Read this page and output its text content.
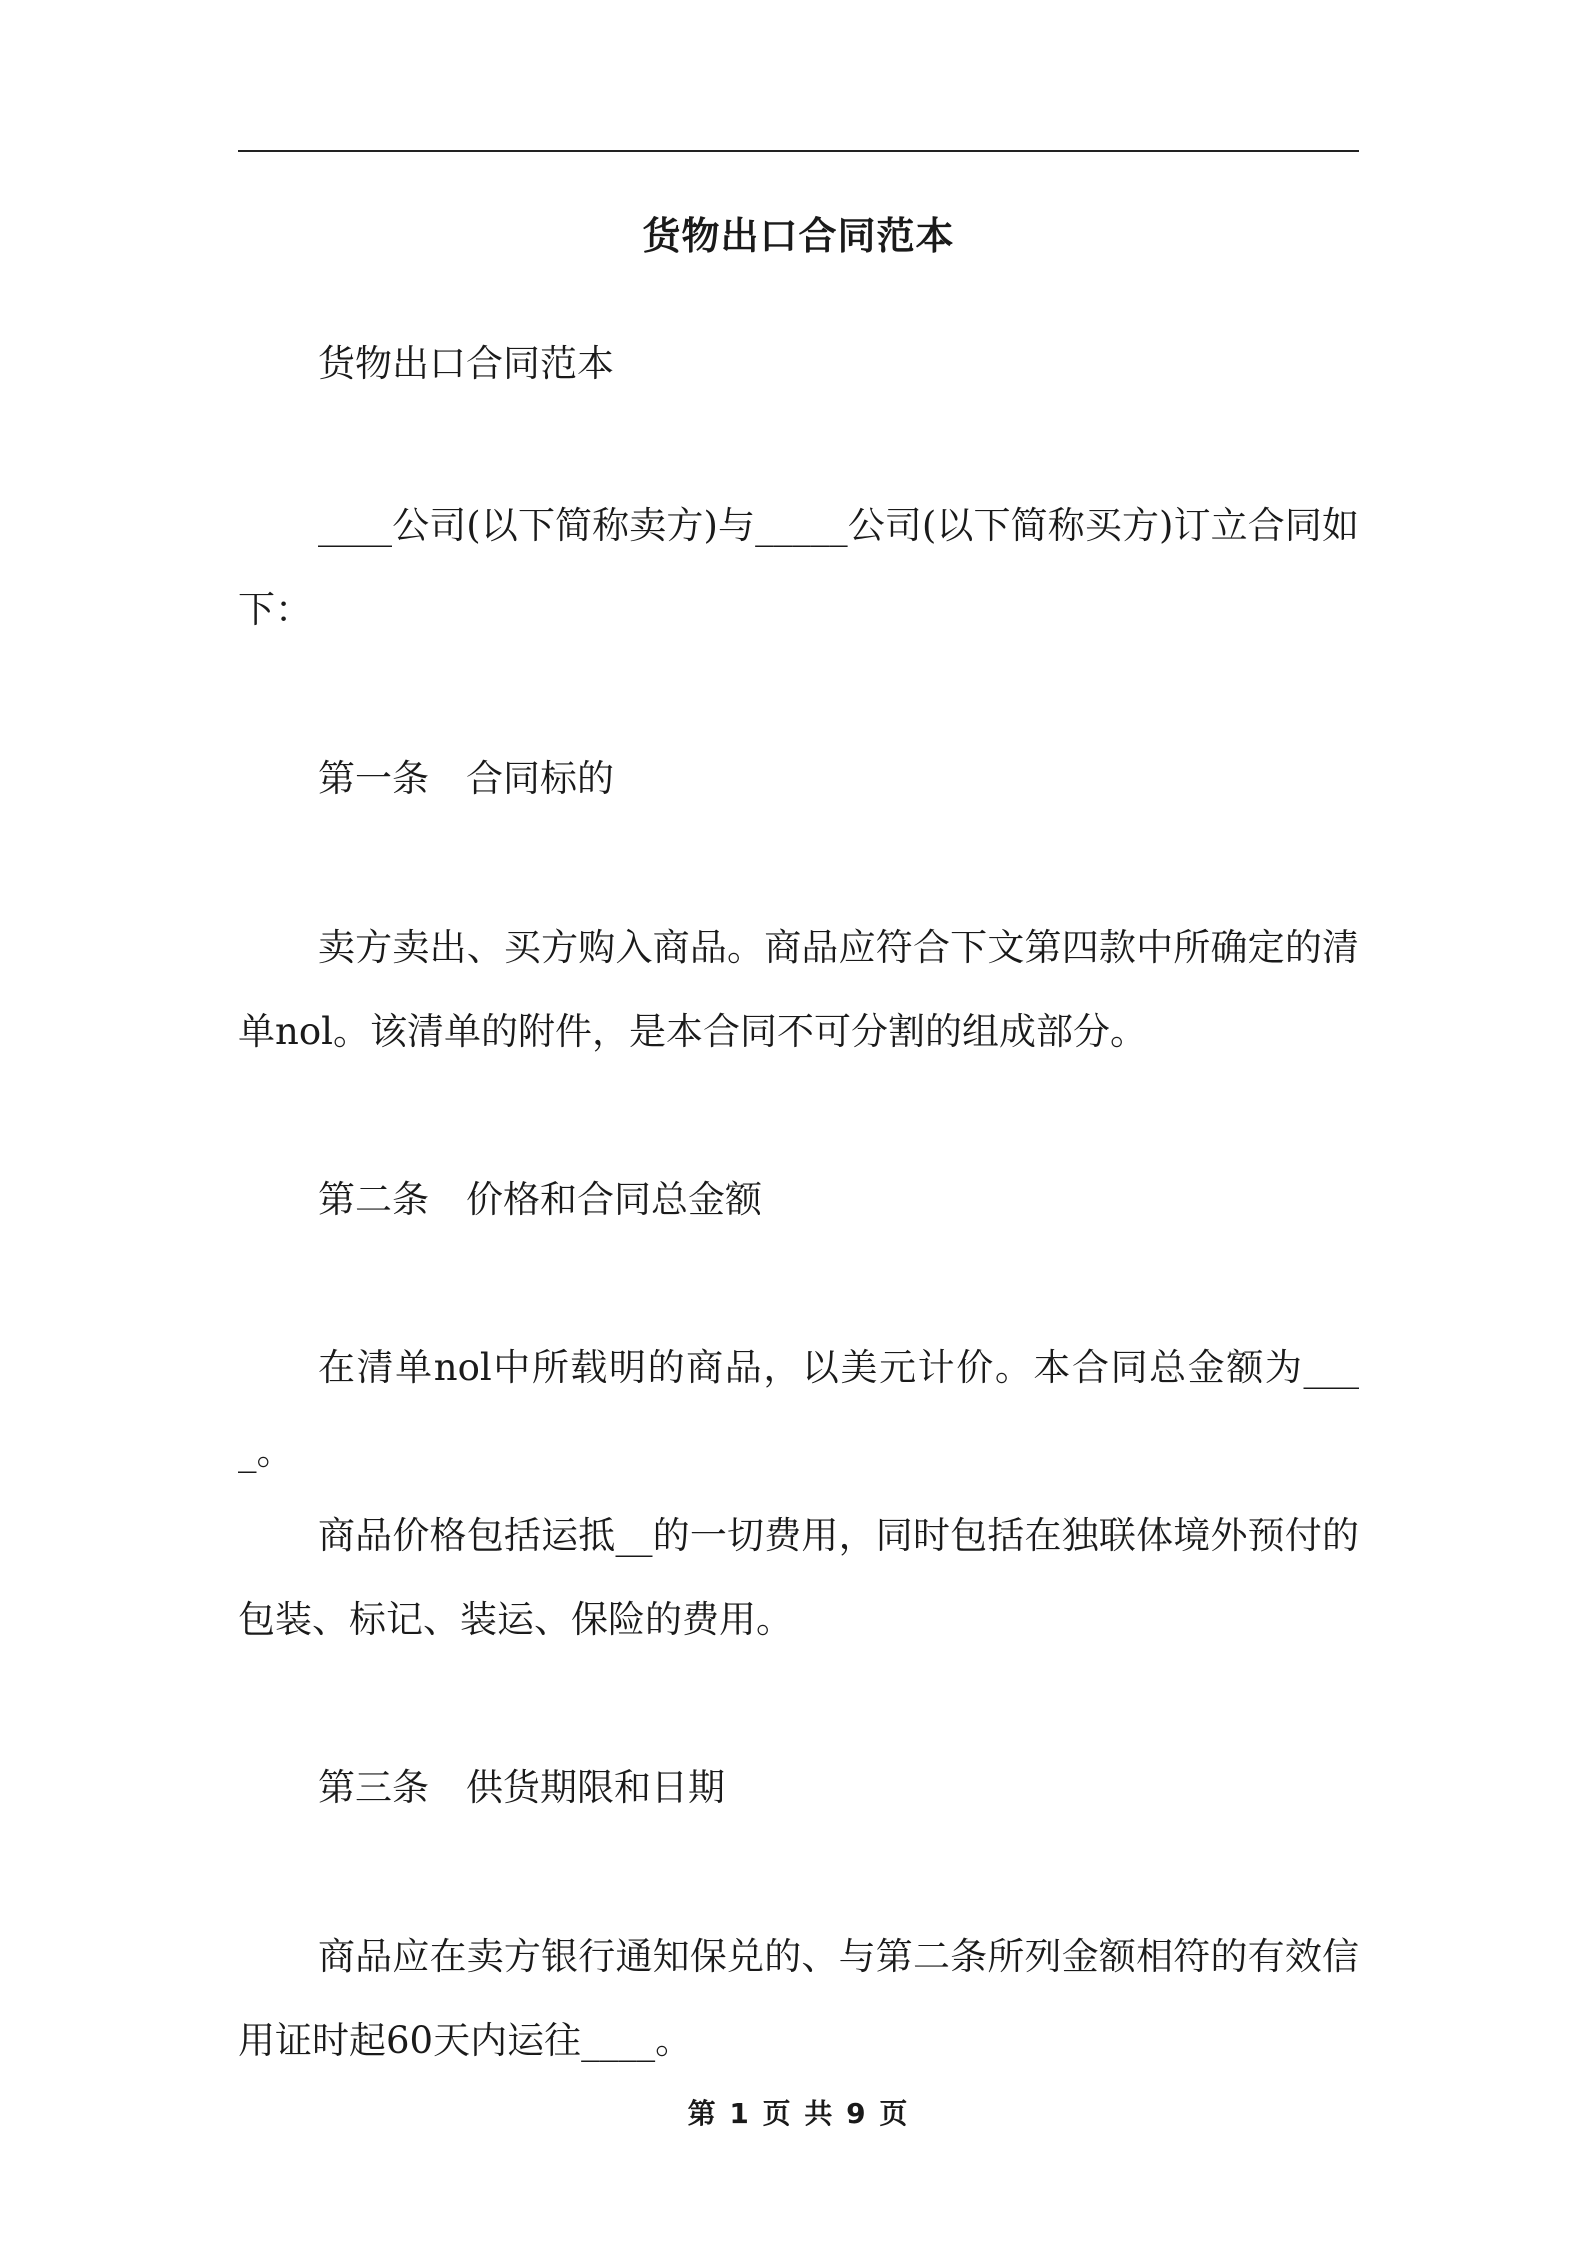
货物出口合同范本

货物出口合同范本

____公司(以下简称卖方)与_____公司(以下简称买方)订立合同如下：

第一条　合同标的

卖方卖出、买方购入商品。商品应符合下文第四款中所确定的清单nol。该清单的附件，是本合同不可分割的组成部分。

第二条　价格和合同总金额

在清单nol中所载明的商品，以美元计价。本合同总金额为____。

商品价格包括运抵__的一切费用，同时包括在独联体境外预付的包装、标记、装运、保险的费用。

第三条　供货期限和日期

商品应在卖方银行通知保兑的、与第二条所列金额相符的有效信用证时起60天内运往____。

第 1 页 共 9 页
